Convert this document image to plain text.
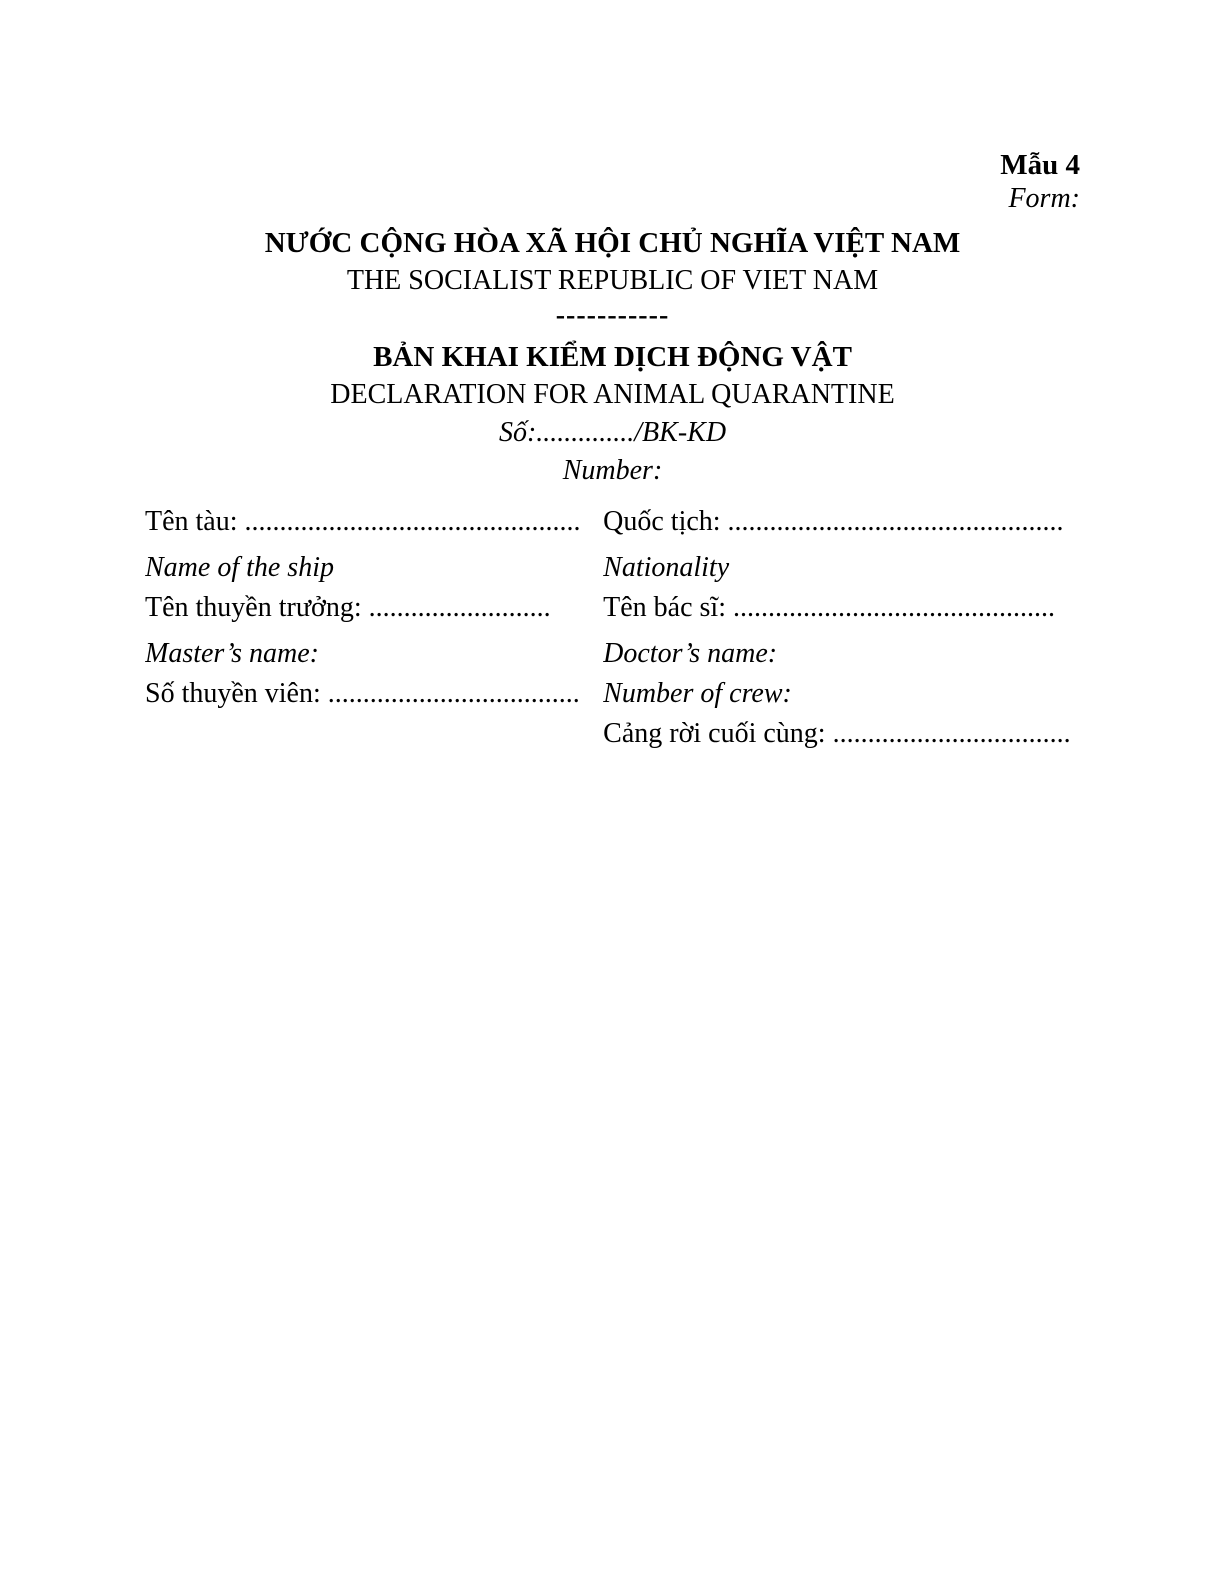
Mẫu 4
Form:
NƯỚC CỘNG HÒA XÃ HỘI CHỦ NGHĨA VIỆT NAM
THE SOCIALIST REPUBLIC OF VIET NAM
-----------
BẢN KHAI KIỂM DỊCH ĐỘNG VẬT
DECLARATION FOR ANIMAL QUARANTINE
Số:............../BK-KD
Number:
Tên tàu: ................................................ Quốc tịch: ................................................
Name of the ship	Nationality
Tên thuyền trưởng: ..........................	Tên bác sĩ: ..............................................
Master’s name:	Doctor’s name:
Số thuyền viên: .................................... Number of crew:
Cảng rời cuối cùng: ..................................
